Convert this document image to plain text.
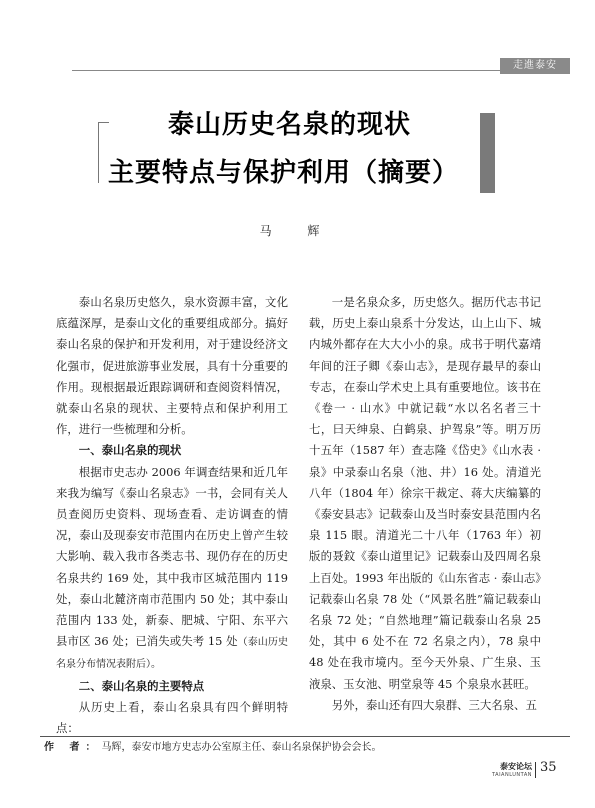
走進泰安
泰山历史名泉的现状
主要特点与保护利用（摘要）
马 辉

泰山名泉历史悠久，泉水资源丰富，文化底蕴深厚，是泰山文化的重要组成部分。搞好泰山名泉的保护和开发利用，对于建设经济文化强市，促进旅游事业发展，具有十分重要的作用。现根据最近跟踪调研和查阅资料情况，就泰山名泉的现状、主要特点和保护利用工作，进行一些梳理和分析。

一、泰山名泉的现状

根据市史志办 2006 年调查结果和近几年来我为编写《泰山名泉志》一书，会同有关人员查阅历史资料、现场查看、走访调查的情况，泰山及现泰安市范围内在历史上曾产生较大影响、载入我市各类志书、现仍存在的历史名泉共约 169 处，其中我市区城范围内 119 处，泰山北麓济南市范围内 50 处；其中泰山范围内 133 处，新泰、肥城、宁阳、东平六县市区 36 处；已消失或失考 15 处（泰山历史名泉分布情况表附后）。

二、泰山名泉的主要特点

从历史上看，泰山名泉具有四个鲜明特点：

一是名泉众多，历史悠久。据历代志书记载，历史上泰山泉系十分发达，山上山下、城内城外都存在大大小小的泉。成书于明代嘉靖年间的汪子卿《泰山志》，是现存最早的泰山专志，在泰山学术史上具有重要地位。该书在《卷一 · 山水》中就记载“水以名名者三十七，曰天绅泉、白鹤泉、护驾泉”等。明万历十五年（1587 年）查志隆《岱史》《山水表 · 泉》中录泰山名泉（池、井）16 处。清道光八年（1804 年）徐宗干裁定、蒋大庆编纂的《泰安县志》记载泰山及当时泰安县范围内名泉 115 眼。清道光二十八年（1763 年）初版的聂鈫《泰山道里记》记载泰山及四周名泉上百处。1993 年出版的《山东省志 · 泰山志》记载泰山名泉 78 处（“风景名胜”篇记载泰山名泉 72 处；“自然地理”篇记载泰山名泉 25 处，其中 6 处不在 72 名泉之内），78 泉中 48 处在我市境内。至今天外泉、广生泉、玉液泉、玉女池、明堂泉等 45 个泉泉水甚旺。

另外，泰山还有四大泉群、三大名泉、五

作 者：马辉，泰安市地方史志办公室原主任、泰山名泉保护协会会长。
泰安论坛
TAIANLUNTAN 35
